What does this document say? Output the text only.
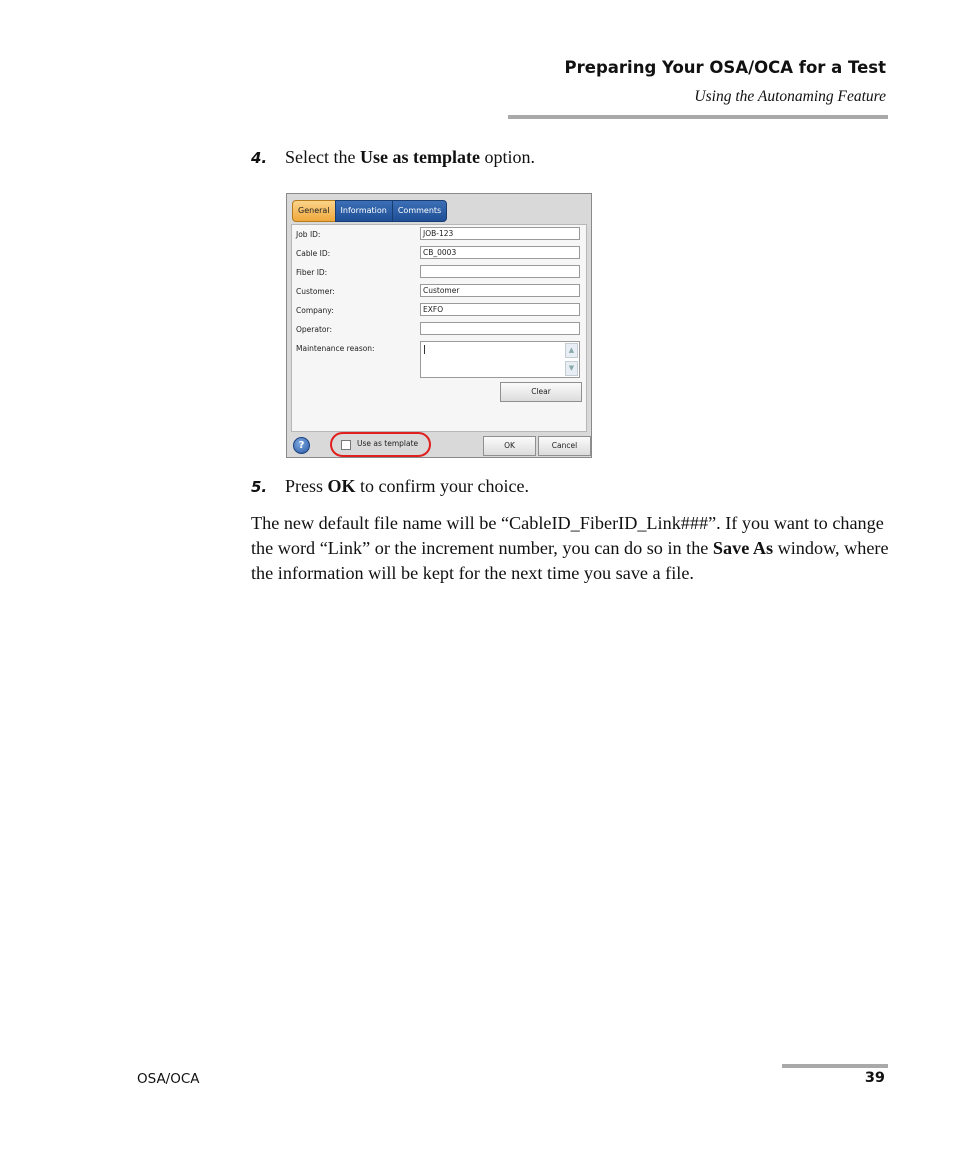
Preparing Your OSA/OCA for a Test
Using the Autonaming Feature
4. Select the Use as template option.
General	Information	Comments
Job ID:	JOB-123
Cable ID:	CB_0003
Fiber ID:
Customer:	Customer
Company:	EXFO
Operator:
Maintenance reason:	▲
▼
Clear
?	Use as template	OK	Cancel
5. Press OK to confirm your choice.
The new default file name will be “CableID_FiberID_Link###”. If you want to change the word “Link” or the increment number, you can do so in the Save As window, where the information will be kept for the next time you save a file.
OSA/OCA	39
